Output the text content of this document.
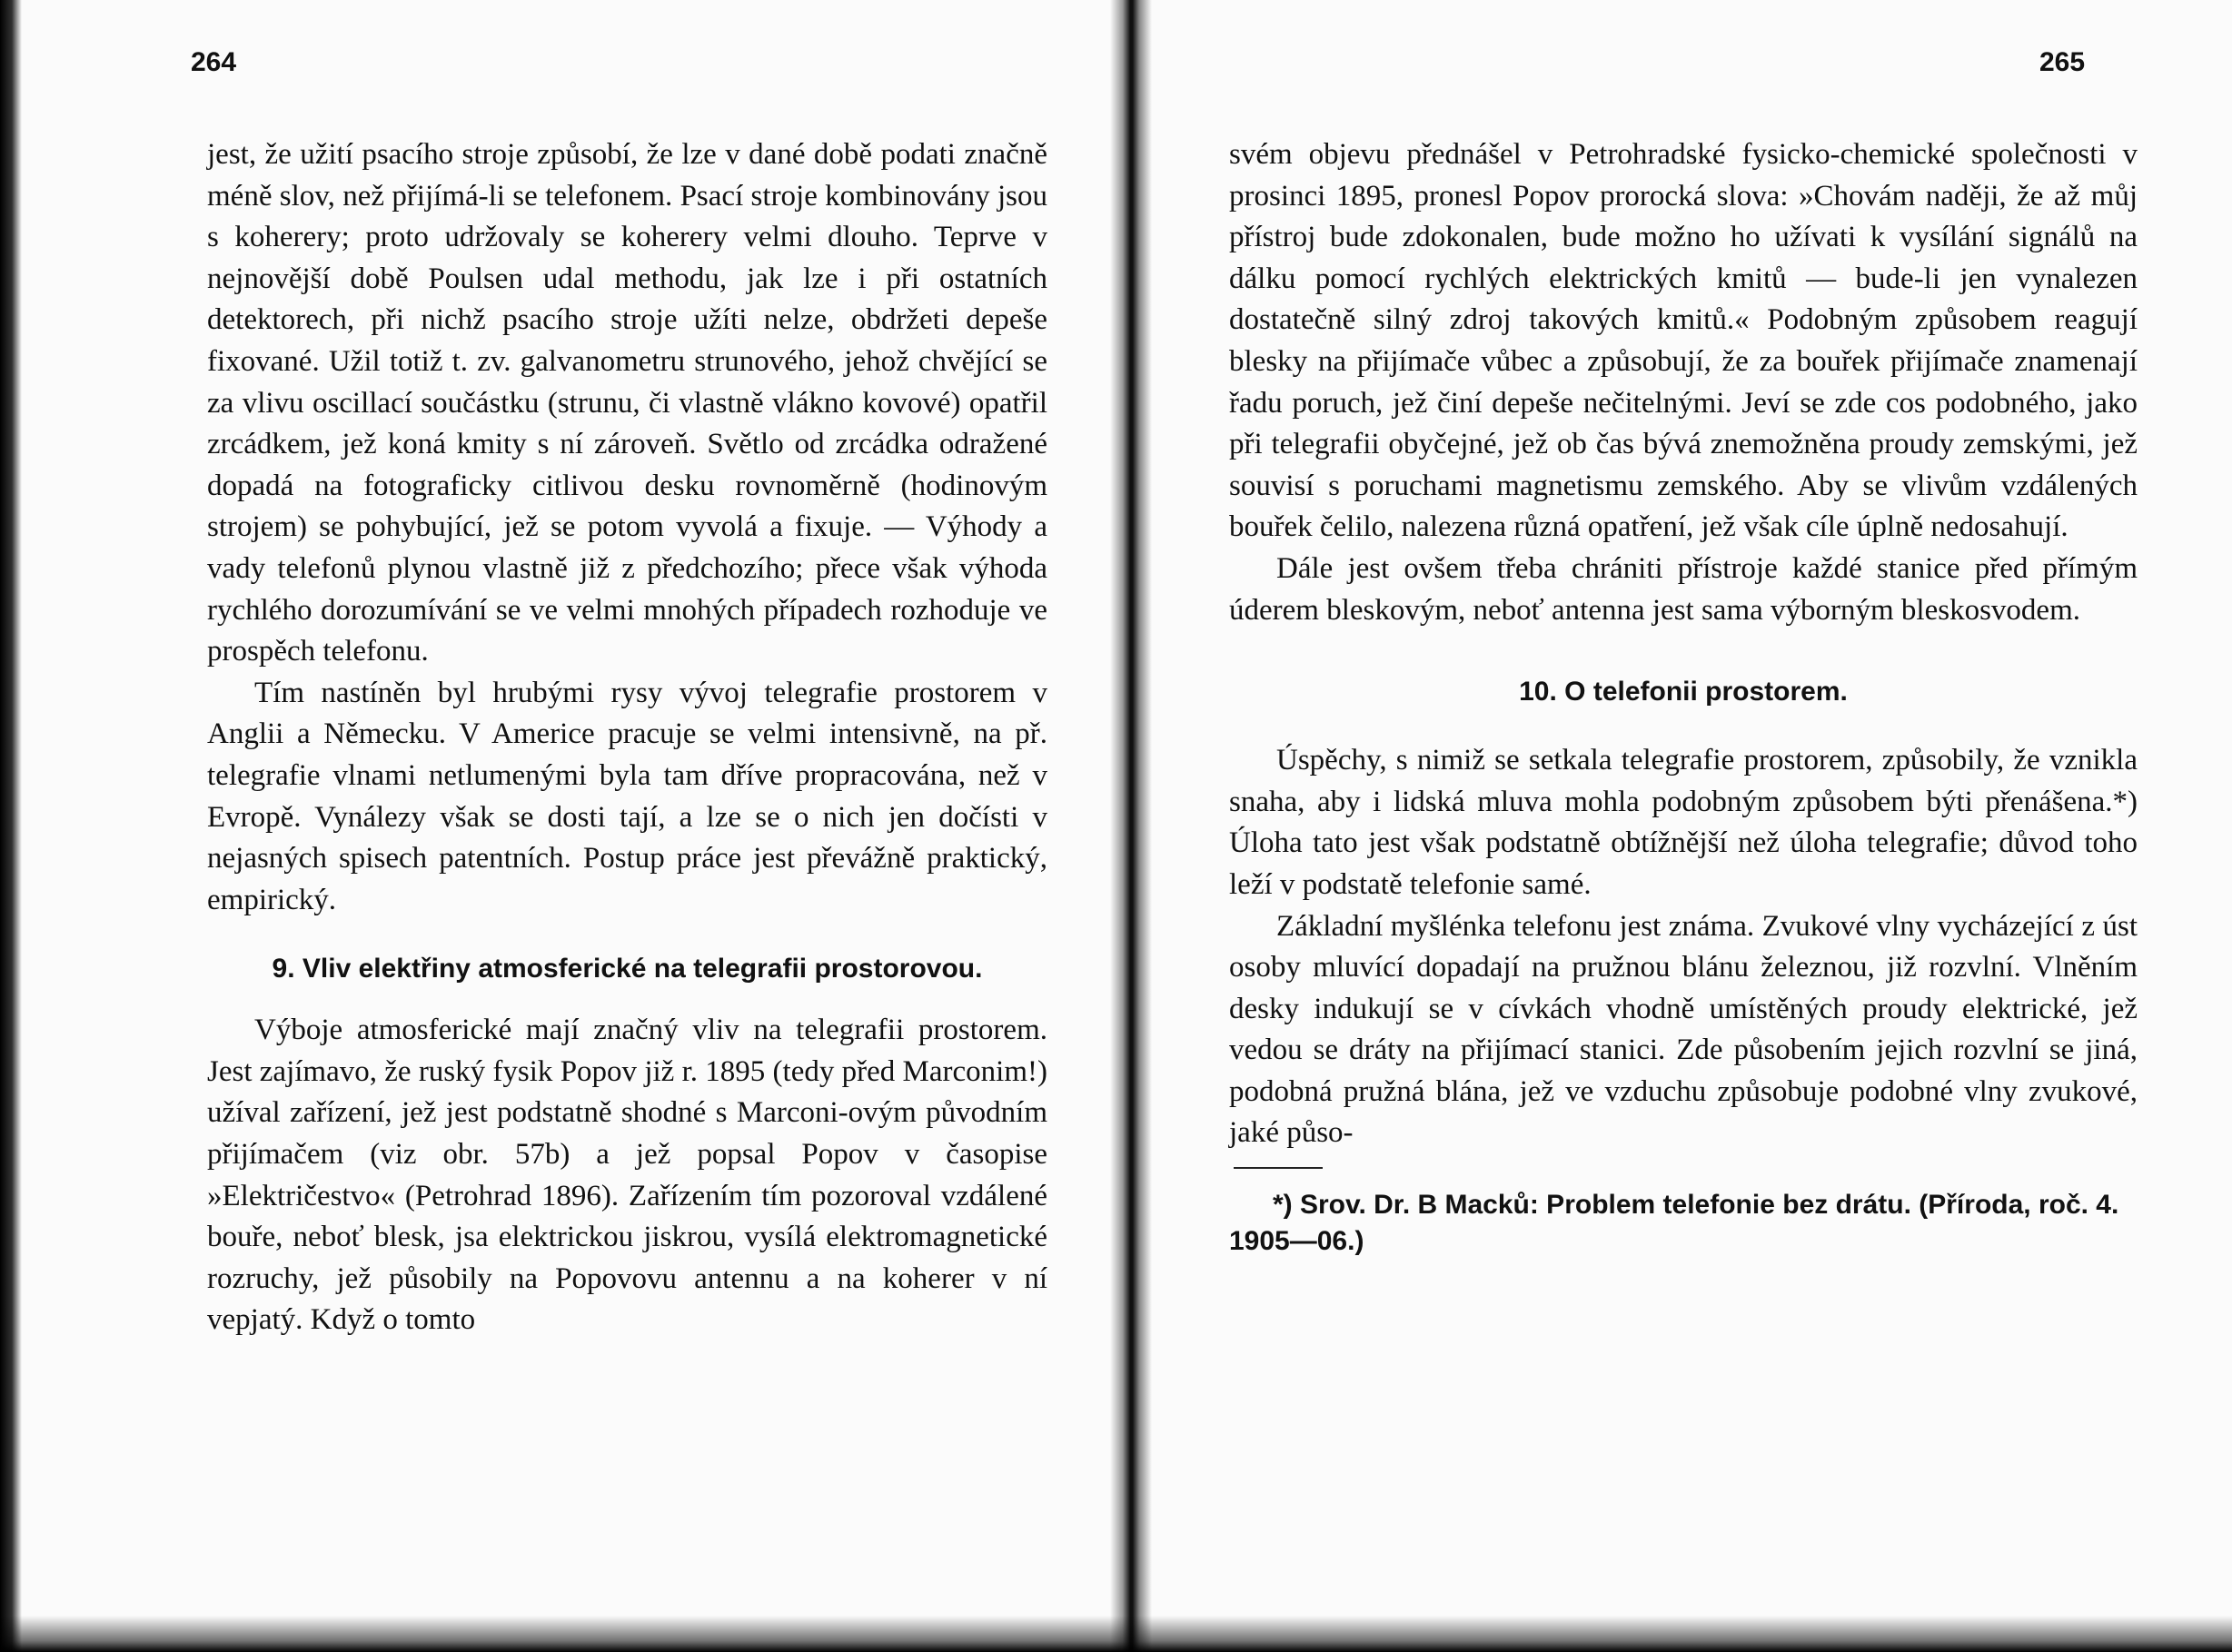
264

jest, že užití psacího stroje způsobí, že lze v dané době podati značně méně slov, než přijímá-li se telefonem. Psací stroje kombinovány jsou s koherery; proto udržovaly se koherery velmi dlouho. Teprve v nejnovější době Poulsen udal methodu, jak lze i při ostatních detektorech, při nichž psacího stroje užíti nelze, obdržeti depeše fixované. Užil totiž t. zv. galvanometru strunového, jehož chvějící se za vlivu oscillací součástku (strunu, či vlastně vlákno kovové) opatřil zrcádkem, jež koná kmity s ní zároveň. Světlo od zrcádka odražené dopadá na fotograficky citlivou desku rovnoměrně (hodinovým strojem) se pohybující, jež se potom vyvolá a fixuje. — Výhody a vady telefonů plynou vlastně již z předchozího; přece však výhoda rychlého dorozumívání se ve velmi mnohých případech rozhoduje ve prospěch telefonu.

Tím nastíněn byl hrubými rysy vývoj telegrafie prostorem v Anglii a Německu. V Americe pracuje se velmi intensivně, na př. telegrafie vlnami netlumenými byla tam dříve propracována, než v Evropě. Vynálezy však se dosti tají, a lze se o nich jen dočísti v nejasných spisech patentních. Postup práce jest převážně praktický, empirický.

9. Vliv elektřiny atmosferické na telegrafii prostorovou.

Výboje atmosferické mají značný vliv na telegrafii prostorem. Jest zajímavo, že ruský fysik Popov již r. 1895 (tedy před Marconim!) užíval zařízení, jež jest podstatně shodné s Marconi-ovým původním přijímačem (viz obr. 57b) a jež popsal Popov v časopise »Električestvo« (Petrohrad 1896). Zařízením tím pozoroval vzdálené bouře, neboť blesk, jsa elektrickou jiskrou, vysílá elektromagnetické rozruchy, jež působily na Popovovu antennu a na koherer v ní vepjatý. Když o tomto

265

svém objevu přednášel v Petrohradské fysicko-chemické společnosti v prosinci 1895, pronesl Popov prorocká slova: »Chovám naději, že až můj přístroj bude zdokonalen, bude možno ho užívati k vysílání signálů na dálku pomocí rychlých elektrických kmitů — bude-li jen vynalezen dostatečně silný zdroj takových kmitů.« Podobným způsobem reagují blesky na přijímače vůbec a způsobují, že za bouřek přijímače znamenají řadu poruch, jež činí depeše nečitelnými. Jeví se zde cos podobného, jako při telegrafii obyčejné, jež ob čas bývá znemožněna proudy zemskými, jež souvisí s poruchami magnetismu zemského. Aby se vlivům vzdálených bouřek čelilo, nalezena různá opatření, jež však cíle úplně nedosahují.

Dále jest ovšem třeba chrániti přístroje každé stanice před přímým úderem bleskovým, neboť antenna jest sama výborným bleskosvodem.

10. O telefonii prostorem.

Úspěchy, s nimiž se setkala telegrafie prostorem, způsobily, že vznikla snaha, aby i lidská mluva mohla podobným způsobem býti přenášena.*) Úloha tato jest však podstatně obtížnější než úloha telegrafie; důvod toho leží v podstatě telefonie samé.

Základní myšlénka telefonu jest známa. Zvukové vlny vycházející z úst osoby mluvící dopadají na pružnou blánu železnou, již rozvlní. Vlněním desky indukují se v cívkách vhodně umístěných proudy elektrické, jež vedou se dráty na přijímací stanici. Zde působením jejich rozvlní se jiná, podobná pružná blána, jež ve vzduchu způsobuje podobné vlny zvukové, jaké půso-

*) Srov. Dr. B Macků: Problem telefonie bez drátu. (Příroda, roč. 4. 1905—06.)
